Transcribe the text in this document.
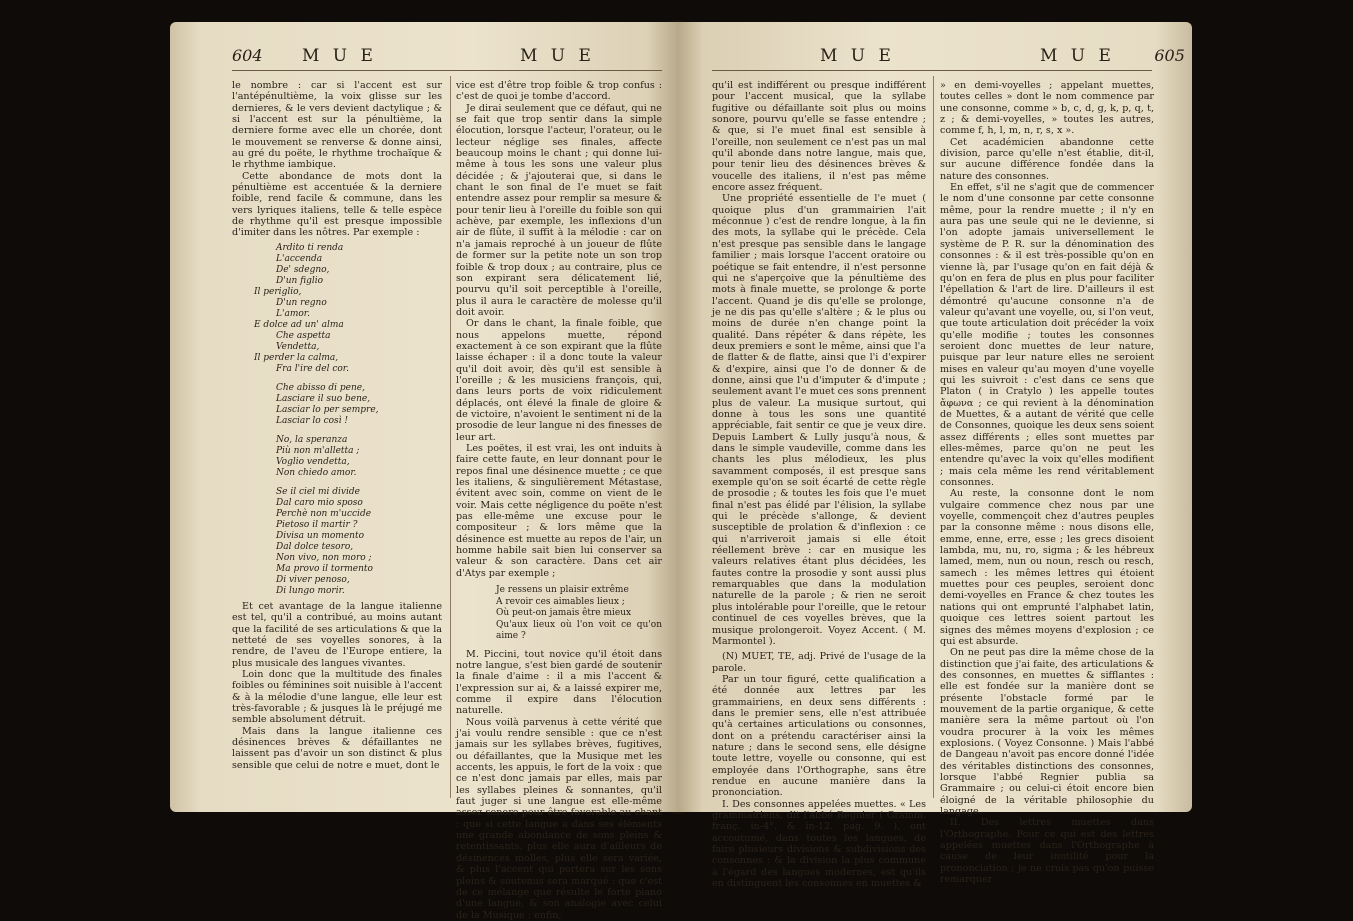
604 M U E	M U E

le nombre : car si l'accent est sur l'antépénultième, la voix glisse sur les dernieres, & le vers devient dactylique ; & si l'accent est sur la pénultième, la derniere forme avec elle un chorée, dont le mouvement se renverse & donne ainsi, au gré du poëte, le rhythme trochaïque & le rhythme iambique.

Cette abondance de mots dont la pénultième est accentuée & la derniere foible, rend facile & commune, dans les vers lyriques italiens, telle & telle espèce de rhythme qu'il est presque impossible d'imiter dans les nôtres. Par exemple :

Ardito ti renda
L'accenda
De' sdegno,
D'un figlio
Il periglio,
D'un regno
L'amor.
E dolce ad un' alma
Che aspetta
Vendetta,
Il perder la calma,
Fra l'ire del cor.
Che abisso di pene,
Lasciare il suo bene,
Lasciar lo per sempre,
Lasciar lo così !
No, la speranza
Più non m'alletta ;
Voglio vendetta,
Non chiedo amor.
Se il ciel mi divide
Dal caro mio sposo
Perchè non m'uccide
Pietoso il martir ?
Divisa un momento
Dal dolce tesoro,
Non vivo, non moro ;
Ma provo il tormento
Di viver penoso,
Di lungo morir.

Et cet avantage de la langue italienne est tel, qu'il a contribué, au moins autant que la facilité de ses articulations & que la netteté de ses voyelles sonores, à la rendre, de l'aveu de l'Europe entiere, la plus musicale des langues vivantes.

Loin donc que la multitude des finales foibles ou féminines soit nuisible à l'accent & à la mélodie d'une langue, elle leur est très-favorable ; & jusques là le préjugé me semble absolument détruit.

Mais dans la langue italienne ces désinences brèves & défaillantes ne laissent pas d'avoir un son distinct & plus sensible que celui de notre e muet, dont le

vice est d'être trop foible & trop confus : c'est de quoi je tombe d'accord.

Je dirai seulement que ce défaut, qui ne se fait que trop sentir dans la simple élocution, lorsque l'acteur, l'orateur, ou le lecteur néglige ses finales, affecte beaucoup moins le chant ; qui donne lui-même à tous les sons une valeur plus décidée ; & j'ajouterai que, si dans le chant le son final de l'e muet se fait entendre assez pour remplir sa mesure & pour tenir lieu à l'oreille du foible son qui achève, par exemple, les inflexions d'un air de flûte, il suffit à la mélodie : car on n'a jamais reproché à un joueur de flûte de former sur la petite note un son trop foible & trop doux ; au contraire, plus ce son expirant sera délicatement lié, pourvu qu'il soit perceptible à l'oreille, plus il aura le caractère de molesse qu'il doit avoir.

Or dans le chant, la finale foible, que nous appelons muette, répond exactement à ce son expirant que la flûte laisse échaper : il a donc toute la valeur qu'il doit avoir, dès qu'il est sensible à l'oreille ; & les musiciens françois, qui, dans leurs ports de voix ridiculement déplacés, ont élevé la finale de gloire & de victoire, n'avoient le sentiment ni de la prosodie de leur langue ni des finesses de leur art.

Les poëtes, il est vrai, les ont induits à faire cette faute, en leur donnant pour le repos final une désinence muette ; ce que les italiens, & singulièrement Métastase, évitent avec soin, comme on vient de le voir. Mais cette négligence du poëte n'est pas elle-même une excuse pour le compositeur ; & lors même que la désinence est muette au repos de l'air, un homme habile sait bien lui conserver sa valeur & son caractère. Dans cet air d'Atys par exemple ;

Je ressens un plaisir extrême
A revoir ces aimables lieux ;
Où peut-on jamais être mieux
Qu'aux lieux où l'on voit ce qu'on aime ?

M. Piccini, tout novice qu'il étoit dans notre langue, s'est bien gardé de soutenir la finale d'aime : il a mis l'accent & l'expression sur ai, & a laissé expirer me, comme il expire dans l'élocution naturelle.

Nous voilà parvenus à cette vérité que j'ai voulu rendre sensible : que ce n'est jamais sur les syllabes brèves, fugitives, ou défaillantes, que la Musique met les accents, les appuis, le fort de la voix : que ce n'est donc jamais par elles, mais par les syllabes pleines & sonnantes, qu'il faut juger si une langue est elle-même assez sonore pour être favorable au chant : que si cette langue a dans ses éléments une grande abondance de sons pleins & retentissants, plus elle aura d'ailleurs de désinences molles, plus elle sera variée, & plus l'accent qui portera sur les sons pleins & soutenus sera marqué : que c'est de ce mélange que résulte le forte piano d'une langue, & son analogie avec celui de la Musique : enfin,

M U E	M U E 605

qu'il est indifférent ou presque indifférent pour l'accent musical, que la syllabe fugitive ou défaillante soit plus ou moins sonore, pourvu qu'elle se fasse entendre ; & que, si l'e muet final est sensible à l'oreille, non seulement ce n'est pas un mal qu'il abonde dans notre langue, mais que, pour tenir lieu des désinences brèves & voucelle des italiens, il n'est pas même encore assez fréquent.

Une propriété essentielle de l'e muet ( quoique plus d'un grammairien l'ait méconnue ) c'est de rendre longue, à la fin des mots, la syllabe qui le précède. Cela n'est presque pas sensible dans le langage familier ; mais lorsque l'accent oratoire ou poétique se fait entendre, il n'est personne qui ne s'aperçoive que la pénultième des mots à finale muette, se prolonge & porte l'accent. Quand je dis qu'elle se prolonge, je ne dis pas qu'elle s'altère ; & le plus ou moins de durée n'en change point la qualité. Dans répéter & dans répète, les deux premiers e sont le même, ainsi que l'a de flatter & de flatte, ainsi que l'i d'expirer & d'expire, ainsi que l'o de donner & de donne, ainsi que l'u d'imputer & d'impute ; seulement avant l'e muet ces sons prennent plus de valeur. La musique surtout, qui donne à tous les sons une quantité appréciable, fait sentir ce que je veux dire. Depuis Lambert & Lully jusqu'à nous, & dans le simple vaudeville, comme dans les chants les plus mélodieux, les plus savamment composés, il est presque sans exemple qu'on se soit écarté de cette règle de prosodie ; & toutes les fois que l'e muet final n'est pas élidé par l'élision, la syllabe qui le précède s'allonge, & devient susceptible de prolation & d'inflexion : ce qui n'arriveroit jamais si elle étoit réellement brève : car en musique les valeurs relatives étant plus décidées, les fautes contre la prosodie y sont aussi plus remarquables que dans la modulation naturelle de la parole ; & rien ne seroit plus intolérable pour l'oreille, que le retour continuel de ces voyelles brèves, que la musique prolongeroit. Voyez Accent. ( M. Marmontel ).

(N) MUET, TE, adj. Privé de l'usage de la parole.

Par un tour figuré, cette qualification a été donnée aux lettres par les grammairiens, en deux sens différents : dans le premier sens, elle n'est attribuée qu'à certaines articulations ou consonnes, dont on a prétendu caractériser ainsi la nature ; dans le second sens, elle désigne toute lettre, voyelle ou consonne, qui est employée dans l'Orthographe, sans être rendue en aucune manière dans la prononciation.

I. Des consonnes appelées muettes. « Les grammairiens, dit l'abbé Regnier ( Gramm. franç. in-4°. & in-12. pag. 9. ), ont accoutumé, dans toutes les langues, de faire plusieurs divisions & subdivisions des consonnes : & la division la plus commune à l'égard des langues modernes, est qu'ils en distinguent les consonnes en muettes &

» en demi-voyelles ; appelant muettes, toutes celles » dont le nom commence par une consonne, comme » b, c, d, g, k, p, q, t, z ; & demi-voyelles, » toutes les autres, comme f, h, l, m, n, r, s, x ».

Cet académicien abandonne cette division, parce qu'elle n'est établie, dit-il, sur aucune différence fondée dans la nature des consonnes.

En effet, s'il ne s'agit que de commencer le nom d'une consonne par cette consonne même, pour la rendre muette ; il n'y en aura pas une seule qui ne le devienne, si l'on adopte jamais universellement le système de P. R. sur la dénomination des consonnes : & il est très-possible qu'on en vienne là, par l'usage qu'on en fait déjà & qu'on en fera de plus en plus pour faciliter l'épellation & l'art de lire. D'ailleurs il est démontré qu'aucune consonne n'a de valeur qu'avant une voyelle, ou, si l'on veut, que toute articulation doit précéder la voix qu'elle modifie ; toutes les consonnes seroient donc muettes de leur nature, puisque par leur nature elles ne seroient mises en valeur qu'au moyen d'une voyelle qui les suivroit : c'est dans ce sens que Platon ( in Cratylo ) les appelle toutes ἄφωνα ; ce qui revient à la dénomination de Muettes, & a autant de vérité que celle de Consonnes, quoique les deux sens soient assez différents ; elles sont muettes par elles-mêmes, parce qu'on ne peut les entendre qu'avec la voix qu'elles modifient ; mais cela même les rend véritablement consonnes.

Au reste, la consonne dont le nom vulgaire commence chez nous par une voyelle, commençoit chez d'autres peuples par la consonne même : nous disons elle, emme, enne, erre, esse ; les grecs disoient lambda, mu, nu, ro, sigma ; & les hébreux lamed, mem, nun ou noun, resch ou resch, samech : les mêmes lettres qui étoient muettes pour ces peuples, seroient donc demi-voyelles en France & chez toutes les nations qui ont emprunté l'alphabet latin, quoique ces lettres soient partout les signes des mêmes moyens d'explosion ; ce qui est absurde.

On ne peut pas dire la même chose de la distinction que j'ai faite, des articulations & des consonnes, en muettes & sifflantes : elle est fondée sur la manière dont se présente l'obstacle formé par le mouvement de la partie organique, & cette manière sera la même partout où l'on voudra procurer à la voix les mêmes explosions. ( Voyez Consonne. ) Mais l'abbé de Dangeau n'avoit pas encore donné l'idée des véritables distinctions des consonnes, lorsque l'abbé Regnier publia sa Grammaire ; ou celui-ci étoit encore bien éloigné de la véritable philosophie du langage.

II. Des lettres muettes dans l'Orthographe. Pour ce qui est des lettres appelées muettes dans l'Orthographe à cause de leur inutilité pour la prononciation ; je ne crois pas qu'on puisse remarquer
